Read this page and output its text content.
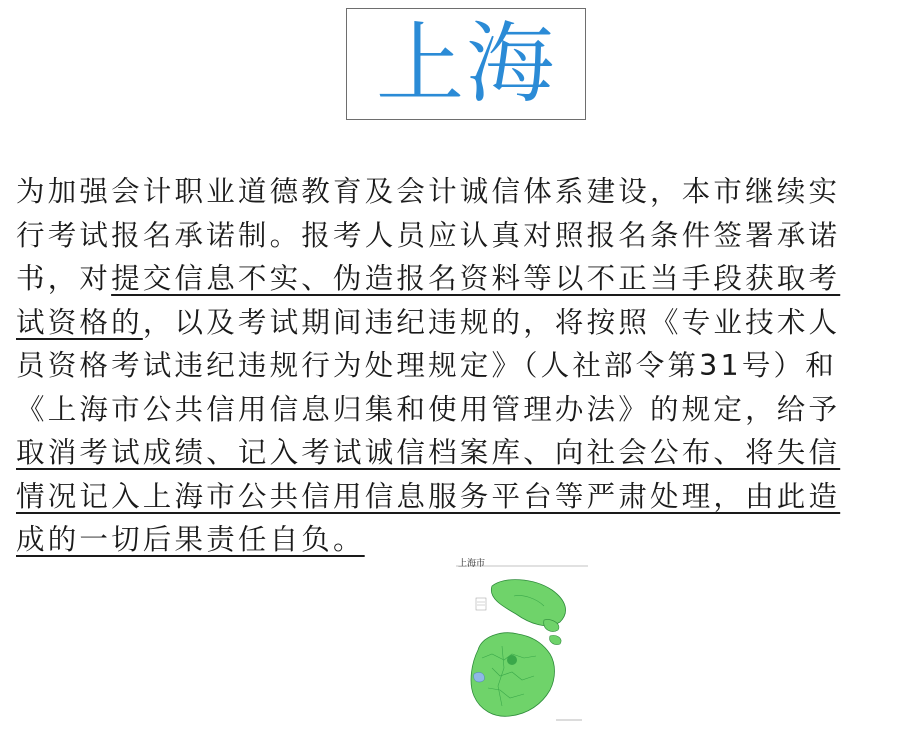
上海
为加强会计职业道德教育及会计诚信体系建设，本市继续实
行考试报名承诺制。报考人员应认真对照报名条件签署承诺
书，对提交信息不实、伪造报名资料等以不正当手段获取考
试资格的，以及考试期间违纪违规的，将按照《专业技术人
员资格考试违纪违规行为处理规定》（人社部令第31号）和
《上海市公共信用信息归集和使用管理办法》的规定，给予
取消考试成绩、记入考试诚信档案库、向社会公布、将失信
情况记入上海市公共信用信息服务平台等严肃处理，由此造
成的一切后果责任自负。
上海市
